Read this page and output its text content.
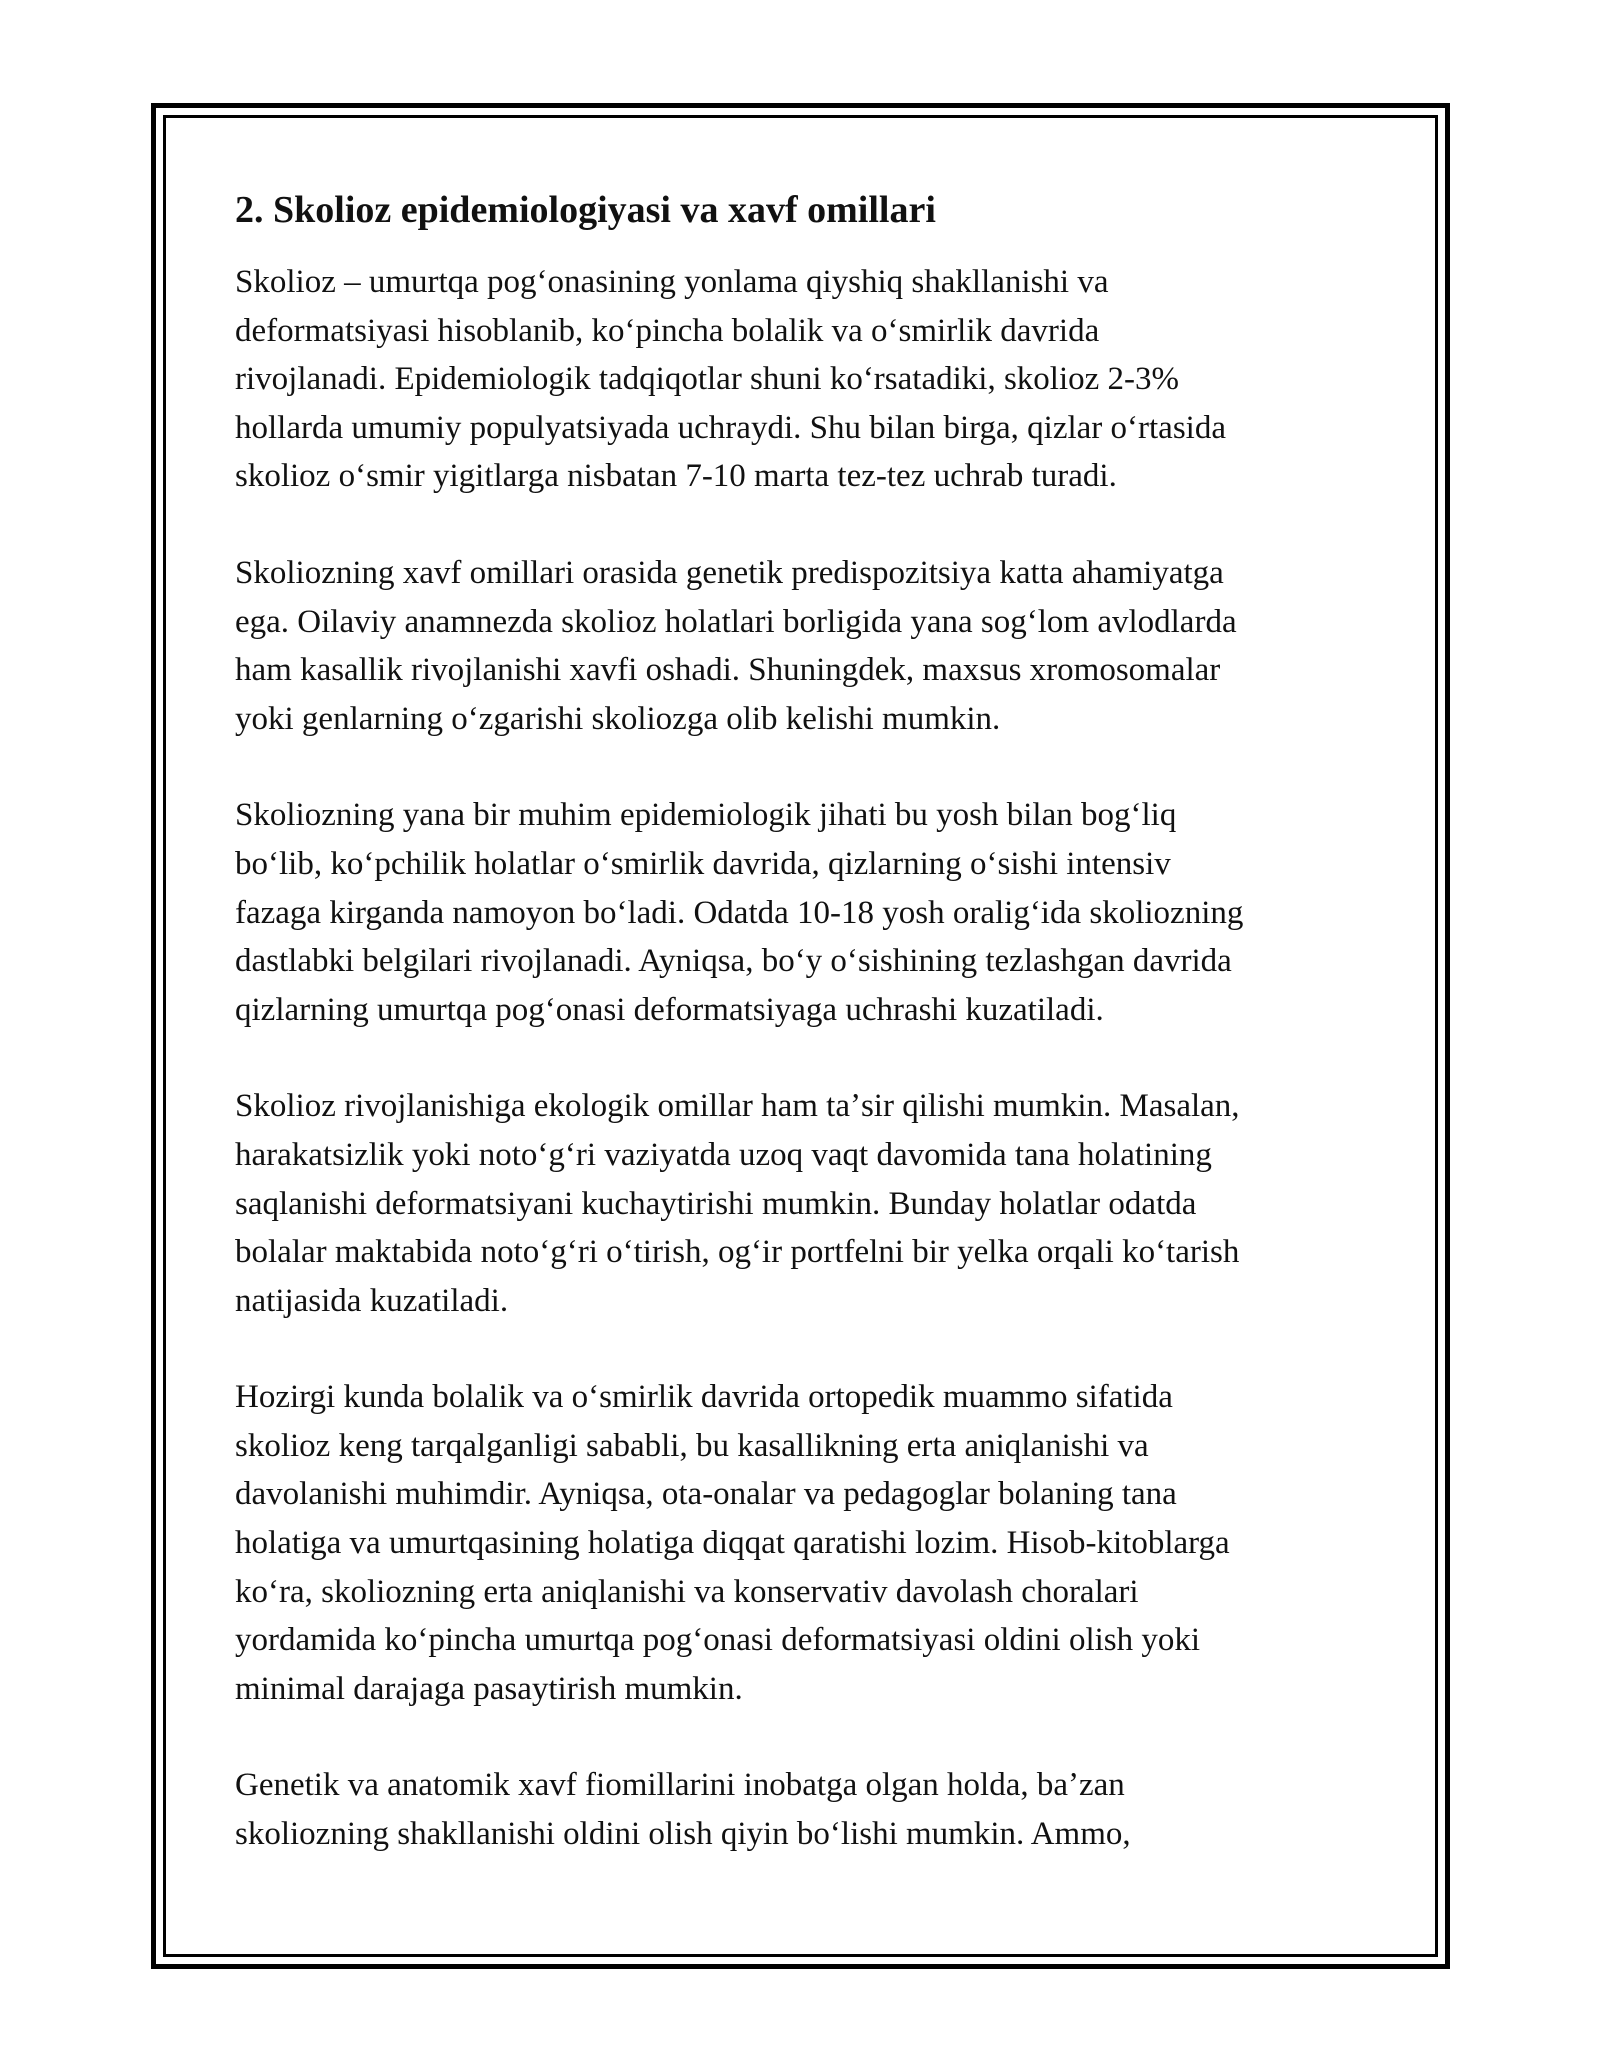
2. Skolioz epidemiologiyasi va xavf omillari

Skolioz – umurtqa pogʻonasining yonlama qiyshiq shakllanishi va
deformatsiyasi hisoblanib, koʻpincha bolalik va oʻsmirlik davrida
rivojlanadi. Epidemiologik tadqiqotlar shuni koʻrsatadiki, skolioz 2-3%
hollarda umumiy populyatsiyada uchraydi. Shu bilan birga, qizlar oʻrtasida
skolioz oʻsmir yigitlarga nisbatan 7-10 marta tez-tez uchrab turadi.

Skoliozning xavf omillari orasida genetik predispozitsiya katta ahamiyatga
ega. Oilaviy anamnezda skolioz holatlari borligida yana sogʻlom avlodlarda
ham kasallik rivojlanishi xavfi oshadi. Shuningdek, maxsus xromosomalar
yoki genlarning oʻzgarishi skoliozga olib kelishi mumkin.

Skoliozning yana bir muhim epidemiologik jihati bu yosh bilan bogʻliq
boʻlib, koʻpchilik holatlar oʻsmirlik davrida, qizlarning oʻsishi intensiv
fazaga kirganda namoyon boʻladi. Odatda 10-18 yosh oraligʻida skoliozning
dastlabki belgilari rivojlanadi. Ayniqsa, boʻy oʻsishining tezlashgan davrida
qizlarning umurtqa pogʻonasi deformatsiyaga uchrashi kuzatiladi.

Skolioz rivojlanishiga ekologik omillar ham taʼsir qilishi mumkin. Masalan,
harakatsizlik yoki notoʻgʻri vaziyatda uzoq vaqt davomida tana holatining
saqlanishi deformatsiyani kuchaytirishi mumkin. Bunday holatlar odatda
bolalar maktabida notoʻgʻri oʻtirish, ogʻir portfelni bir yelka orqali koʻtarish
natijasida kuzatiladi.

Hozirgi kunda bolalik va oʻsmirlik davrida ortopedik muammo sifatida
skolioz keng tarqalganligi sababli, bu kasallikning erta aniqlanishi va
davolanishi muhimdir. Ayniqsa, ota-onalar va pedagoglar bolaning tana
holatiga va umurtqasining holatiga diqqat qaratishi lozim. Hisob-kitoblarga
koʻra, skoliozning erta aniqlanishi va konservativ davolash choralari
yordamida koʻpincha umurtqa pogʻonasi deformatsiyasi oldini olish yoki
minimal darajaga pasaytirish mumkin.

Genetik va anatomik xavf fiomillarini inobatga olgan holda, baʼzan
skoliozning shakllanishi oldini olish qiyin boʻlishi mumkin. Ammo,
